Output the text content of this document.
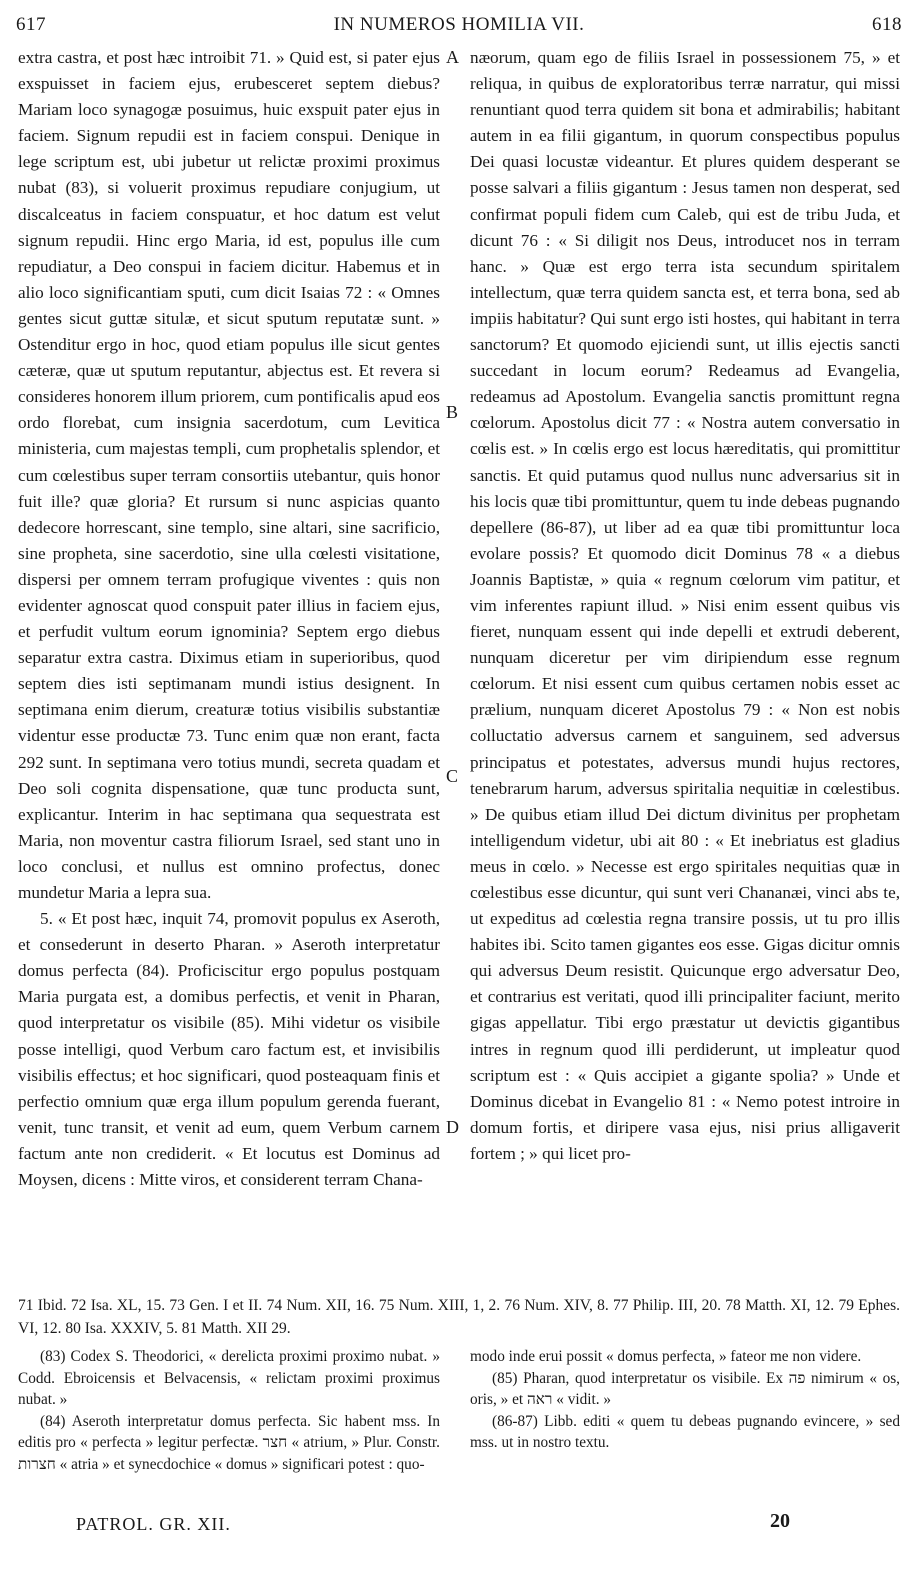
617	IN NUMEROS HOMILIA VII.	618

extra castra, et post hæc introibit 71. » Quid est, si pater ejus exspuisset in faciem ejus, erubesceret septem diebus? Mariam loco synagogæ posuimus, huic exspuit pater ejus in faciem. Signum repudii est in faciem conspui. Denique in lege scriptum est, ubi jubetur ut relictæ proximi proximus nubat (83), si voluerit proximus repudiare conjugium, ut discalceatus in faciem conspuatur, et hoc datum est velut signum repudii. Hinc ergo Maria, id est, populus ille cum repudiatur, a Deo conspui in faciem dicitur. Habemus et in alio loco significantiam sputi, cum dicit Isaias 72 : « Omnes gentes sicut guttæ situlæ, et sicut sputum reputatæ sunt. » Ostenditur ergo in hoc, quod etiam populus ille sicut gentes cæteræ, quæ ut sputum reputantur, abjectus est. Et revera si consideres honorem illum priorem, cum pontificalis apud eos ordo florebat, cum insignia sacerdotum, cum Levitica ministeria, cum majestas templi, cum prophetalis splendor, et cum cœlestibus super terram consortiis utebantur, quis honor fuit ille? quæ gloria? Et rursum si nunc aspicias quanto dedecore horrescant, sine templo, sine altari, sine sacrificio, sine propheta, sine sacerdotio, sine ulla cœlesti visitatione, dispersi per omnem terram profugique viventes : quis non evidenter agnoscat quod conspuit pater illius in faciem ejus, et perfudit vultum eorum ignominia? Septem ergo diebus separatur extra castra. Diximus etiam in superioribus, quod septem dies isti septimanam mundi istius designent. In septimana enim dierum, creaturæ totius visibilis substantiæ videntur esse productæ 73. Tunc enim quæ non erant, facta 292 sunt. In septimana vero totius mundi, secreta quadam et Deo soli cognita dispensatione, quæ tunc producta sunt, explicantur. Interim in hac septimana qua sequestrata est Maria, non moventur castra filiorum Israel, sed stant uno in loco conclusi, et nullus est omnino profectus, donec mundetur Maria a lepra sua.

5. « Et post hæc, inquit 74, promovit populus ex Aseroth, et consederunt in deserto Pharan. » Aseroth interpretatur domus perfecta (84). Proficiscitur ergo populus postquam Maria purgata est, a domibus perfectis, et venit in Pharan, quod interpretatur os visibile (85). Mihi videtur os visibile posse intelligi, quod Verbum caro factum est, et invisibilis visibilis effectus; et hoc significari, quod posteaquam finis et perfectio omnium quæ erga illum populum gerenda fuerant, venit, tunc transit, et venit ad eum, quem Verbum carnem factum ante non crediderit. « Et locutus est Dominus ad Moysen, dicens : Mitte viros, et considerent terram Chana-

A
B
C
D

næorum, quam ego de filiis Israel in possessionem 75, » et reliqua, in quibus de exploratoribus terræ narratur, qui missi renuntiant quod terra quidem sit bona et admirabilis; habitant autem in ea filii gigantum, in quorum conspectibus populus Dei quasi locustæ videantur. Et plures quidem desperant se posse salvari a filiis gigantum : Jesus tamen non desperat, sed confirmat populi fidem cum Caleb, qui est de tribu Juda, et dicunt 76 : « Si diligit nos Deus, introducet nos in terram hanc. » Quæ est ergo terra ista secundum spiritalem intellectum, quæ terra quidem sancta est, et terra bona, sed ab impiis habitatur? Qui sunt ergo isti hostes, qui habitant in terra sanctorum? Et quomodo ejiciendi sunt, ut illis ejectis sancti succedant in locum eorum? Redeamus ad Evangelia, redeamus ad Apostolum. Evangelia sanctis promittunt regna cœlorum. Apostolus dicit 77 : « Nostra autem conversatio in cœlis est. » In cœlis ergo est locus hæreditatis, qui promittitur sanctis. Et quid putamus quod nullus nunc adversarius sit in his locis quæ tibi promittuntur, quem tu inde debeas pugnando depellere (86-87), ut liber ad ea quæ tibi promittuntur loca evolare possis? Et quomodo dicit Dominus 78 « a diebus Joannis Baptistæ, » quia « regnum cœlorum vim patitur, et vim inferentes rapiunt illud. » Nisi enim essent quibus vis fieret, nunquam essent qui inde depelli et extrudi deberent, nunquam diceretur per vim diripiendum esse regnum cœlorum. Et nisi essent cum quibus certamen nobis esset ac prælium, nunquam diceret Apostolus 79 : « Non est nobis colluctatio adversus carnem et sanguinem, sed adversus principatus et potestates, adversus mundi hujus rectores, tenebrarum harum, adversus spiritalia nequitiæ in cœlestibus. » De quibus etiam illud Dei dictum divinitus per prophetam intelligendum videtur, ubi ait 80 : « Et inebriatus est gladius meus in cœlo. » Necesse est ergo spiritales nequitias quæ in cœlestibus esse dicuntur, qui sunt veri Chananæi, vinci abs te, ut expeditus ad cœlestia regna transire possis, ut tu pro illis habites ibi. Scito tamen gigantes eos esse. Gigas dicitur omnis qui adversus Deum resistit. Quicunque ergo adversatur Deo, et contrarius est veritati, quod illi principaliter faciunt, merito gigas appellatur. Tibi ergo præstatur ut devictis gigantibus intres in regnum quod illi perdiderunt, ut impleatur quod scriptum est : « Quis accipiet a gigante spolia? » Unde et Dominus dicebat in Evangelio 81 : « Nemo potest introire in domum fortis, et diripere vasa ejus, nisi prius alligaverit fortem ; » qui licet pro-

71 Ibid. 72 Isa. XL, 15. 73 Gen. I et II. 74 Num. XII, 16. 75 Num. XIII, 1, 2. 76 Num. XIV, 8. 77 Philip. III, 20. 78 Matth. XI, 12. 79 Ephes. VI, 12. 80 Isa. XXXIV, 5. 81 Matth. XII 29.

(83) Codex S. Theodorici, « derelicta proximi proximo nubat. » Codd. Ebroicensis et Belvacensis, « relictam proximi proximus nubat. »

(84) Aseroth interpretatur domus perfecta. Sic habent mss. In editis pro « perfecta » legitur perfectæ. חצר « atrium, » Plur. Constr. חצרות « atria » et synecdochice « domus » significari potest : quo-

modo inde erui possit « domus perfecta, » fateor me non videre.

(85) Pharan, quod interpretatur os visibile. Ex פה nimirum « os, oris, » et ראה « vidit. »

(86-87) Libb. editi « quem tu debeas pugnando evincere, » sed mss. ut in nostro textu.

PATROL. GR. XII.	20
